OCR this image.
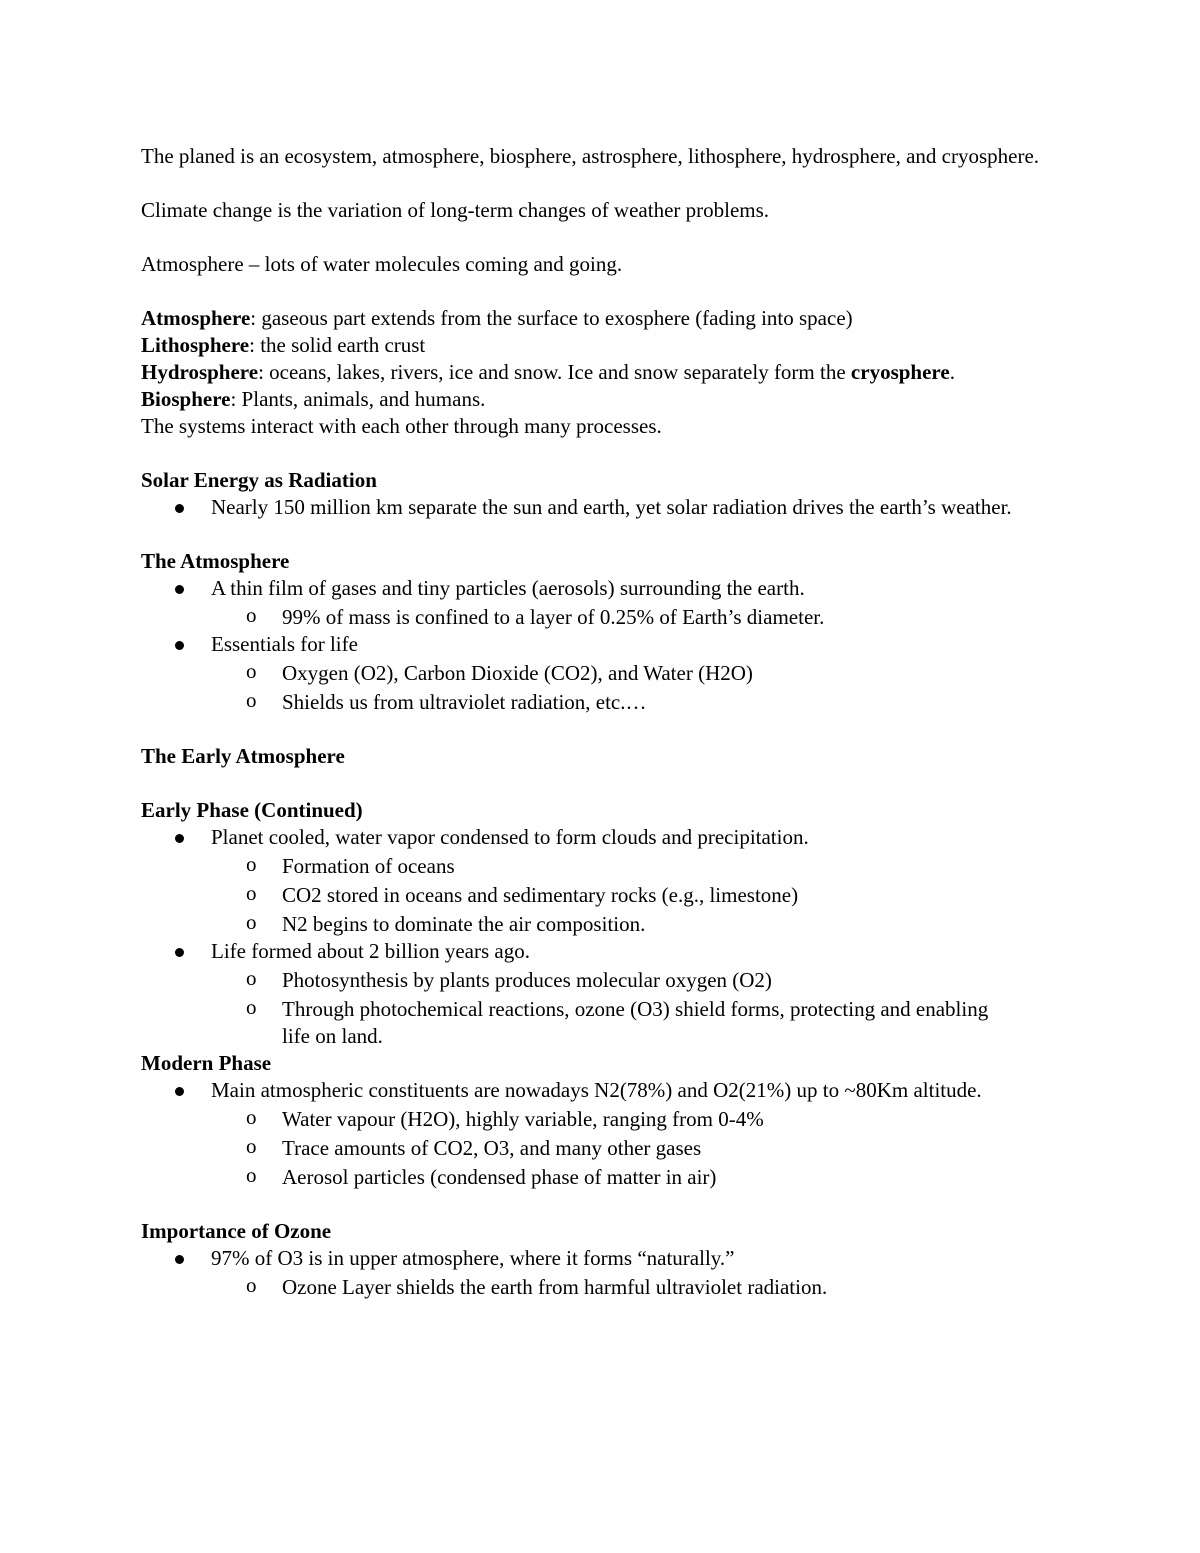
The planed is an ecosystem, atmosphere, biosphere, astrosphere, lithosphere, hydrosphere, and cryosphere.

Climate change is the variation of long-term changes of weather problems.

Atmosphere – lots of water molecules coming and going.

Atmosphere: gaseous part extends from the surface to exosphere (fading into space)

Lithosphere: the solid earth crust

Hydrosphere: oceans, lakes, rivers, ice and snow. Ice and snow separately form the cryosphere.

Biosphere: Plants, animals, and humans.

The systems interact with each other through many processes.

Solar Energy as Radiation

Nearly 150 million km separate the sun and earth, yet solar radiation drives the earth’s weather.

The Atmosphere

A thin film of gases and tiny particles (aerosols) surrounding the earth.
o 99% of mass is confined to a layer of 0.25% of Earth’s diameter.
Essentials for life
o Oxygen (O2), Carbon Dioxide (CO2), and Water (H2O)
o Shields us from ultraviolet radiation, etc.…

The Early Atmosphere

Early Phase (Continued)

Planet cooled, water vapor condensed to form clouds and precipitation.
o Formation of oceans
o CO2 stored in oceans and sedimentary rocks (e.g., limestone)
o N2 begins to dominate the air composition.
Life formed about 2 billion years ago.
o Photosynthesis by plants produces molecular oxygen (O2)
o Through photochemical reactions, ozone (O3) shield forms, protecting and enabling life on land.

Modern Phase

Main atmospheric constituents are nowadays N2(78%) and O2(21%) up to ~80Km altitude.
o Water vapour (H2O), highly variable, ranging from 0-4%
o Trace amounts of CO2, O3, and many other gases
o Aerosol particles (condensed phase of matter in air)

Importance of Ozone

97% of O3 is in upper atmosphere, where it forms “naturally.”
o Ozone Layer shields the earth from harmful ultraviolet radiation.
